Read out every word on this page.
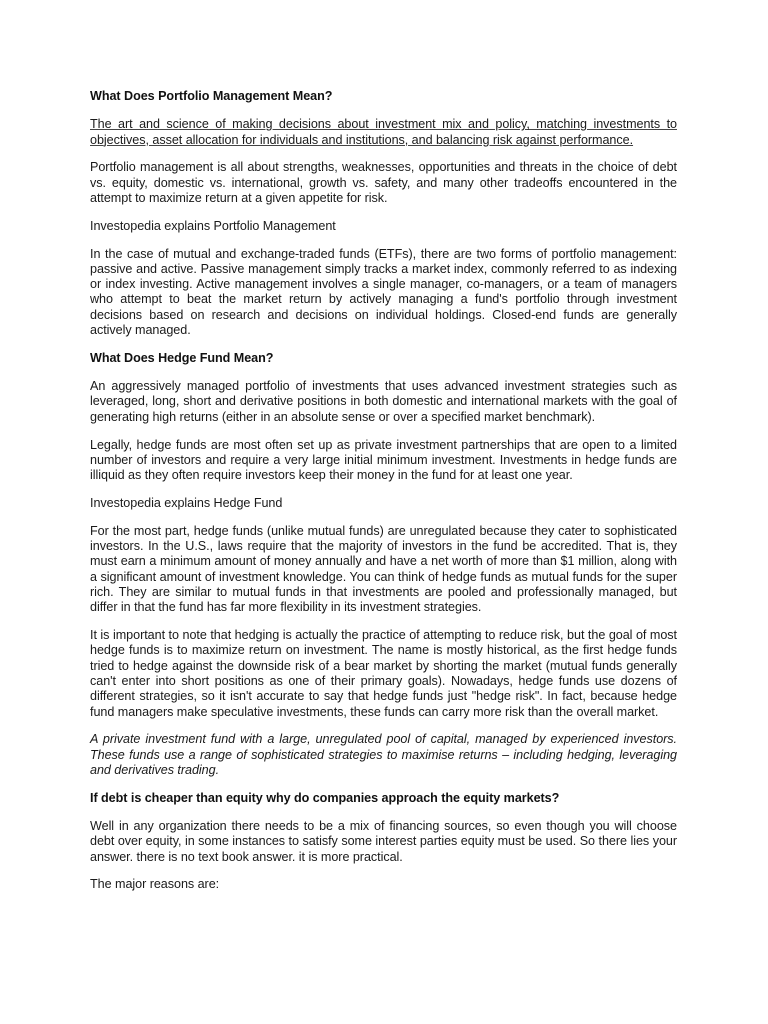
What Does Portfolio Management Mean?

The art and science of making decisions about investment mix and policy, matching investments to objectives, asset allocation for individuals and institutions, and balancing risk against performance.

Portfolio management is all about strengths, weaknesses, opportunities and threats in the choice of debt vs. equity, domestic vs. international, growth vs. safety, and many other tradeoffs encountered in the attempt to maximize return at a given appetite for risk.

Investopedia explains Portfolio Management

In the case of mutual and exchange-traded funds (ETFs), there are two forms of portfolio management: passive and active. Passive management simply tracks a market index, commonly referred to as indexing or index investing. Active management involves a single manager, co-managers, or a team of managers who attempt to beat the market return by actively managing a fund's portfolio through investment decisions based on research and decisions on individual holdings. Closed-end funds are generally actively managed.

What Does Hedge Fund Mean?

An aggressively managed portfolio of investments that uses advanced investment strategies such as leveraged, long, short and derivative positions in both domestic and international markets with the goal of generating high returns (either in an absolute sense or over a specified market benchmark).

Legally, hedge funds are most often set up as private investment partnerships that are open to a limited number of investors and require a very large initial minimum investment. Investments in hedge funds are illiquid as they often require investors keep their money in the fund for at least one year.

Investopedia explains Hedge Fund

For the most part, hedge funds (unlike mutual funds) are unregulated because they cater to sophisticated investors. In the U.S., laws require that the majority of investors in the fund be accredited. That is, they must earn a minimum amount of money annually and have a net worth of more than $1 million, along with a significant amount of investment knowledge. You can think of hedge funds as mutual funds for the super rich. They are similar to mutual funds in that investments are pooled and professionally managed, but differ in that the fund has far more flexibility in its investment strategies.

It is important to note that hedging is actually the practice of attempting to reduce risk, but the goal of most hedge funds is to maximize return on investment. The name is mostly historical, as the first hedge funds tried to hedge against the downside risk of a bear market by shorting the market (mutual funds generally can't enter into short positions as one of their primary goals). Nowadays, hedge funds use dozens of different strategies, so it isn't accurate to say that hedge funds just "hedge risk". In fact, because hedge fund managers make speculative investments, these funds can carry more risk than the overall market.

A private investment fund with a large, unregulated pool of capital, managed by experienced investors. These funds use a range of sophisticated strategies to maximise returns – including hedging, leveraging and derivatives trading.

If debt is cheaper than equity why do companies approach the equity markets?

Well in any organization there needs to be a mix of financing sources, so even though you will choose debt over equity, in some instances to satisfy some interest parties equity must be used. So there lies your answer. there is no text book answer. it is more practical.

The major reasons are:
